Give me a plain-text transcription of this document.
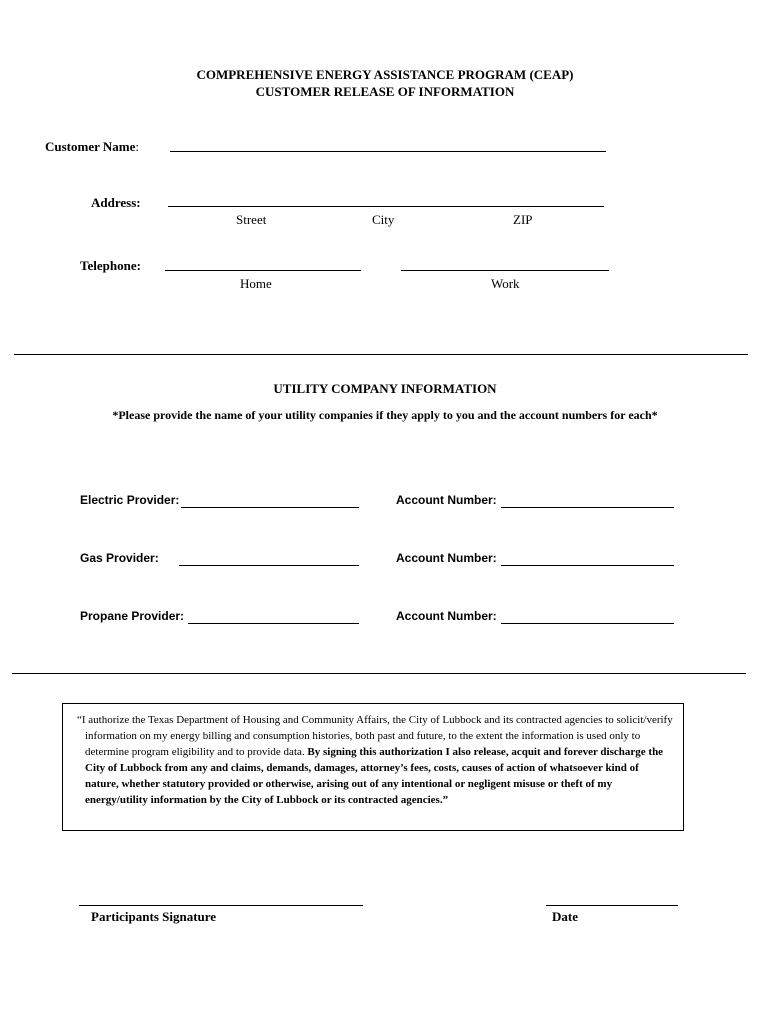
COMPREHENSIVE ENERGY ASSISTANCE PROGRAM (CEAP)
CUSTOMER RELEASE OF INFORMATION
Customer Name:
Address:
Street	City	ZIP
Telephone:
Home	Work
UTILITY COMPANY INFORMATION
*Please provide the name of your utility companies if they apply to you and the account numbers for each*
Electric Provider:	Account Number:
Gas Provider:	Account Number:
Propane Provider:	Account Number:

“I authorize the Texas Department of Housing and Community Affairs, the City of Lubbock and its contracted agencies to solicit/verify information on my energy billing and consumption histories, both past and future, to the extent the information is used only to determine program eligibility and to provide data. By signing this authorization I also release, acquit and forever discharge the City of Lubbock from any and claims, demands, damages, attorney’s fees, costs, causes of action of whatsoever kind of nature, whether statutory provided or otherwise, arising out of any intentional or negligent misuse or theft of my energy/utility information by the City of Lubbock or its contracted agencies.”

Participants Signature	Date
